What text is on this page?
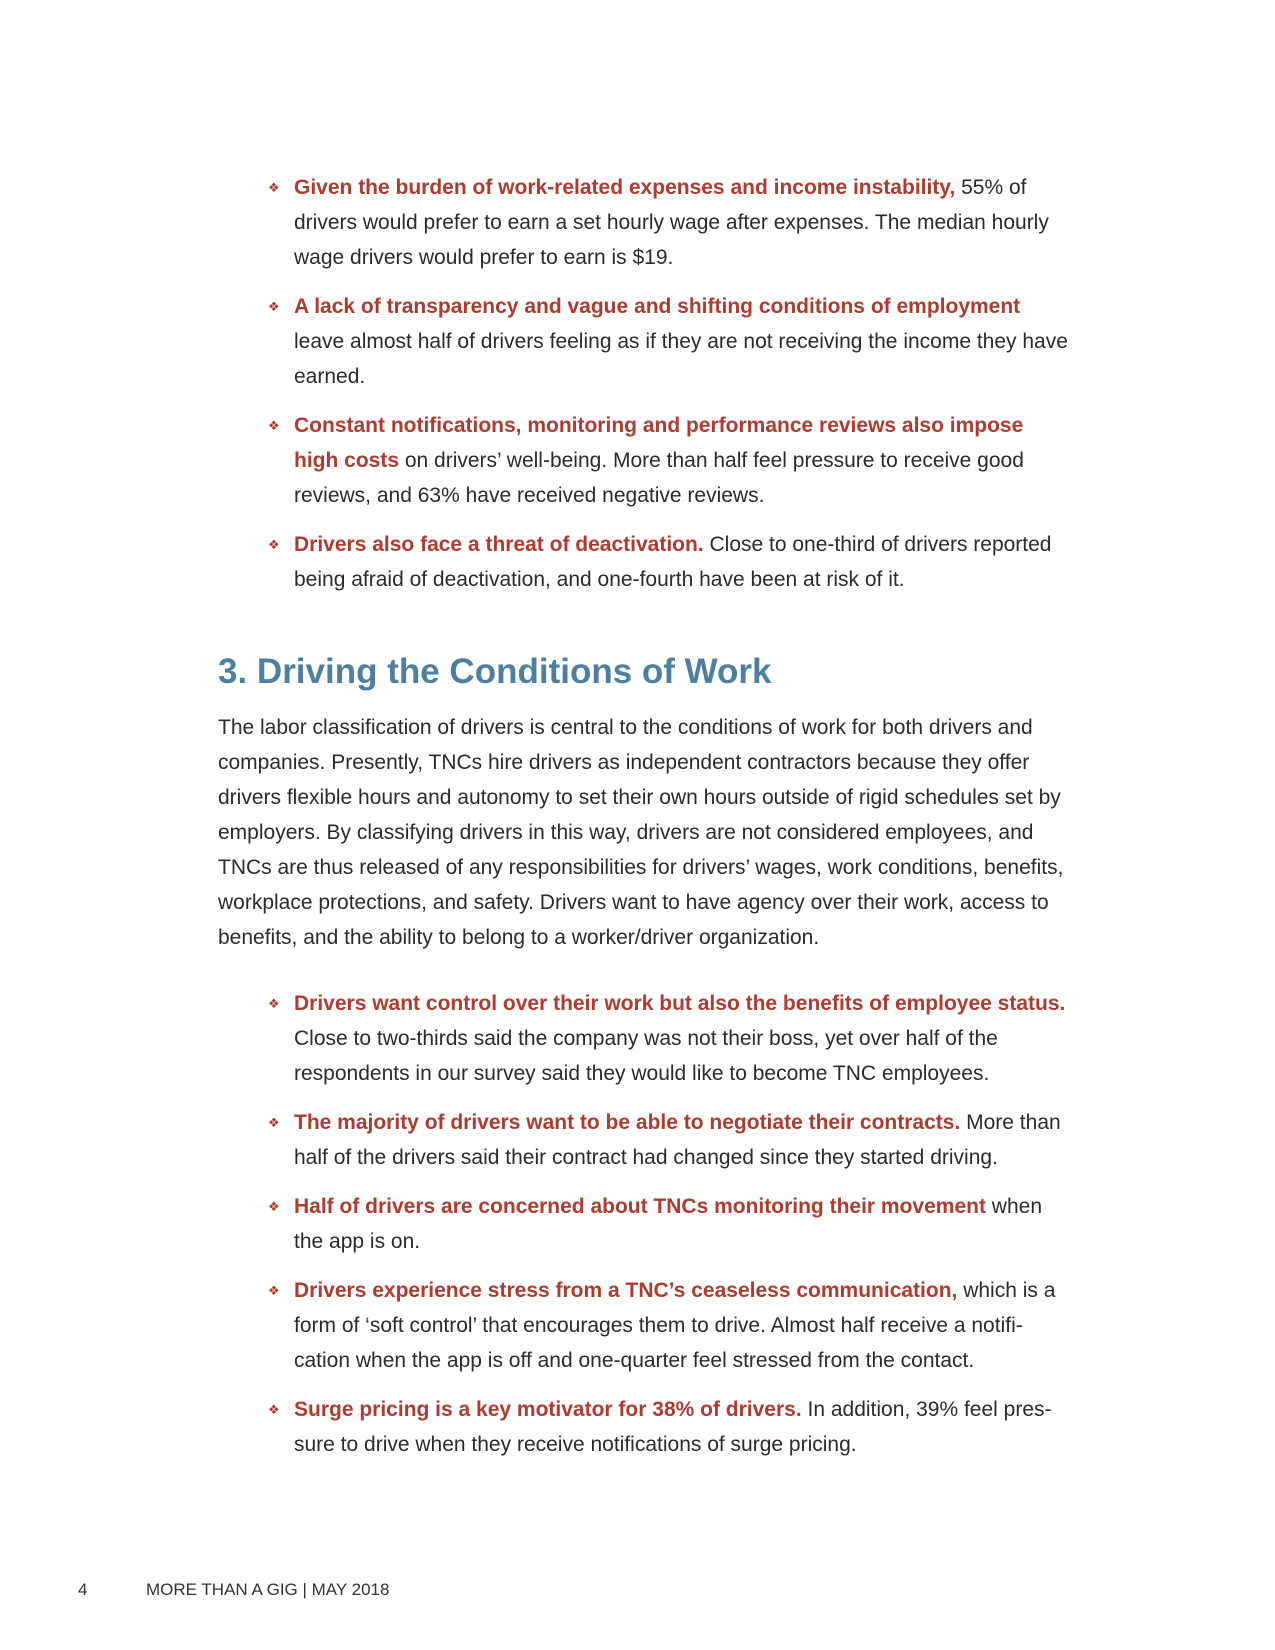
❖ Given the burden of work-related expenses and income instability, 55% of drivers would prefer to earn a set hourly wage after expenses. The median hourly wage drivers would prefer to earn is $19.
❖ A lack of transparency and vague and shifting conditions of employment leave almost half of drivers feeling as if they are not receiving the income they have earned.
❖ Constant notifications, monitoring and performance reviews also impose high costs on drivers’ well-being. More than half feel pressure to receive good reviews, and 63% have received negative reviews.
❖ Drivers also face a threat of deactivation. Close to one-third of drivers reported being afraid of deactivation, and one-fourth have been at risk of it.
3. Driving the Conditions of Work

The labor classification of drivers is central to the conditions of work for both drivers and companies. Presently, TNCs hire drivers as independent contractors because they offer drivers flexible hours and autonomy to set their own hours outside of rigid schedules set by employers. By classifying drivers in this way, drivers are not considered employees, and TNCs are thus released of any responsibilities for drivers’ wages, work conditions, benefits, workplace protections, and safety. Drivers want to have agency over their work, access to benefits, and the ability to belong to a worker/driver organization.

❖ Drivers want control over their work but also the benefits of employee status. Close to two-thirds said the company was not their boss, yet over half of the respondents in our survey said they would like to become TNC employees.
❖ The majority of drivers want to be able to negotiate their contracts. More than half of the drivers said their contract had changed since they started driving.
❖ Half of drivers are concerned about TNCs monitoring their movement when the app is on.
❖ Drivers experience stress from a TNC’s ceaseless communication, which is a form of ‘soft control’ that encourages them to drive. Almost half receive a notification when the app is off and one-quarter feel stressed from the contact.
❖ Surge pricing is a key motivator for 38% of drivers. In addition, 39% feel pressure to drive when they receive notifications of surge pricing.
4	MORE THAN A GIG | MAY 2018
